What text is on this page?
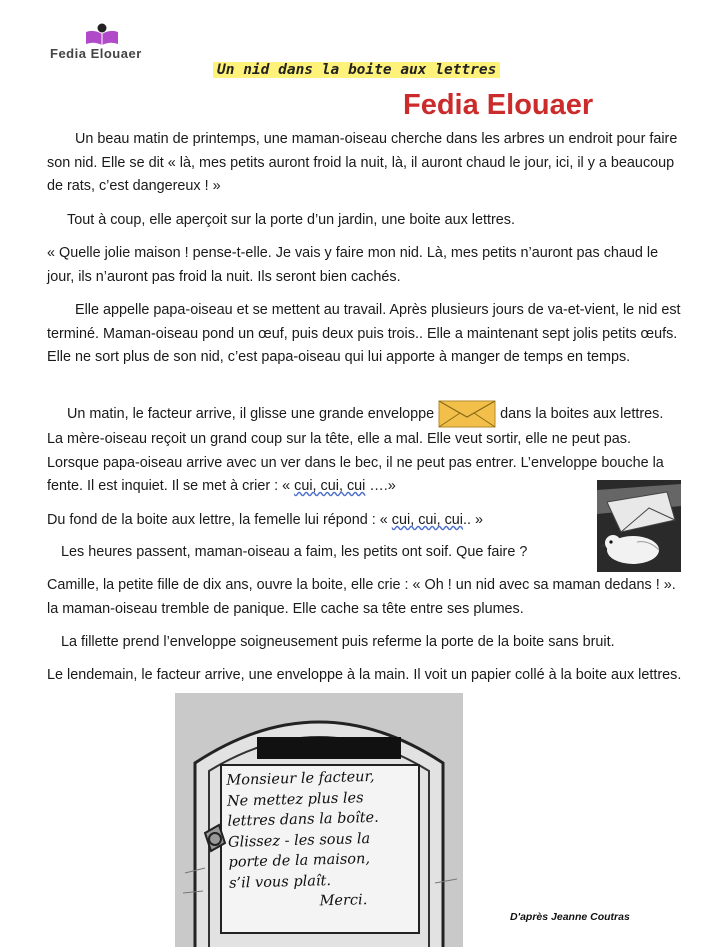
Fedia Elouaer
Un nid dans la boite aux lettres
Fedia Elouaer

Un beau matin de printemps, une maman-oiseau cherche dans les arbres un endroit pour faire son nid. Elle se dit « là, mes petits auront froid la nuit, là, il auront chaud le jour, ici, il y a beaucoup de rats, c’est dangereux ! »

Tout à coup, elle aperçoit sur la porte d’un jardin, une boite aux lettres.

« Quelle jolie maison ! pense-t-elle. Je vais y faire mon nid. Là, mes petits n’auront pas chaud le jour, ils n’auront pas froid la nuit. Ils seront bien cachés.

Elle appelle papa-oiseau et se mettent au travail. Après plusieurs jours de va-et-vient, le nid est terminé. Maman-oiseau pond un œuf, puis deux puis trois.. Elle a maintenant sept jolis petits œufs. Elle ne sort plus de son nid, c’est papa-oiseau qui lui apporte à manger de temps en temps.

Un matin, le facteur arrive, il glisse une grande enveloppe	dans la boites aux lettres. La mère-oiseau reçoit un grand coup sur la tête, elle a mal. Elle veut sortir, elle ne peut pas. Lorsque papa-oiseau arrive avec un ver dans le bec, il ne peut pas entrer. L’enveloppe bouche la fente. Il est inquiet. Il se met à crier : « cui, cui, cui ….»

Du fond de la boite aux lettre, la femelle lui répond : « cui, cui, cui.. »

Les heures passent, maman-oiseau a faim, les petits ont soif. Que faire ?

Camille, la petite fille de dix ans, ouvre la boite, elle crie : « Oh ! un nid avec sa maman dedans ! ». la maman-oiseau tremble de panique. Elle cache sa tête entre ses plumes.

La fillette prend l’enveloppe soigneusement puis referme la porte de la boite sans bruit.

Le lendemain, le facteur arrive, une enveloppe à la main. Il voit un papier collé à la boite aux lettres.

Monsieur le facteur,
Ne mettez plus les
lettres dans la boîte.
Glissez - les sous la
porte de la maison,
s’il vous plaît.
Merci.
D'après Jeanne Coutras
